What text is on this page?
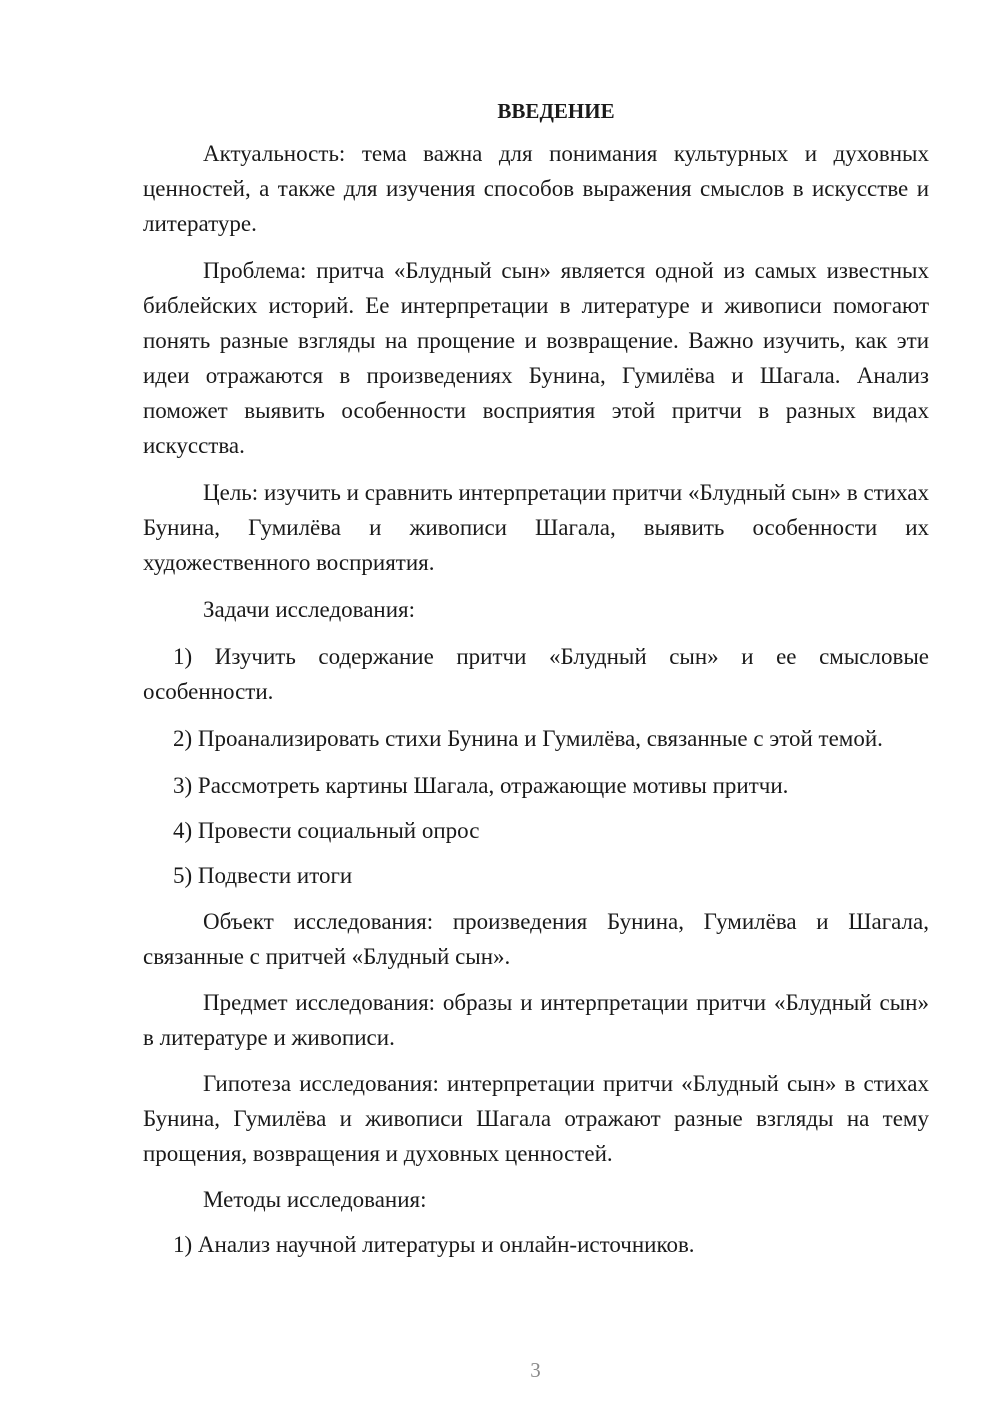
ВВЕДЕНИЕ

Актуальность: тема важна для понимания культурных и духовных ценностей, а также для изучения способов выражения смыслов в искусстве и литературе.

Проблема: притча «Блудный сын» является одной из самых известных библейских историй. Ее интерпретации в литературе и живописи помогают понять разные взгляды на прощение и возвращение. Важно изучить, как эти идеи отражаются в произведениях Бунина, Гумилёва и Шагала. Анализ поможет выявить особенности восприятия этой притчи в разных видах искусства.

Цель: изучить и сравнить интерпретации притчи «Блудный сын» в стихах Бунина, Гумилёва и живописи Шагала, выявить особенности их художественного восприятия.

Задачи исследования:

1) Изучить содержание притчи «Блудный сын» и ее смысловые особенности.

2) Проанализировать стихи Бунина и Гумилёва, связанные с этой темой.

3) Рассмотреть картины Шагала, отражающие мотивы притчи.

4) Провести социальный опрос

5) Подвести итоги

Объект исследования: произведения Бунина, Гумилёва и Шагала, связанные с притчей «Блудный сын».

Предмет исследования: образы и интерпретации притчи «Блудный сын» в литературе и живописи.

Гипотеза исследования: интерпретации притчи «Блудный сын» в стихах Бунина, Гумилёва и живописи Шагала отражают разные взгляды на тему прощения, возвращения и духовных ценностей.

Методы исследования:

1) Анализ научной литературы и онлайн-источников.

3
